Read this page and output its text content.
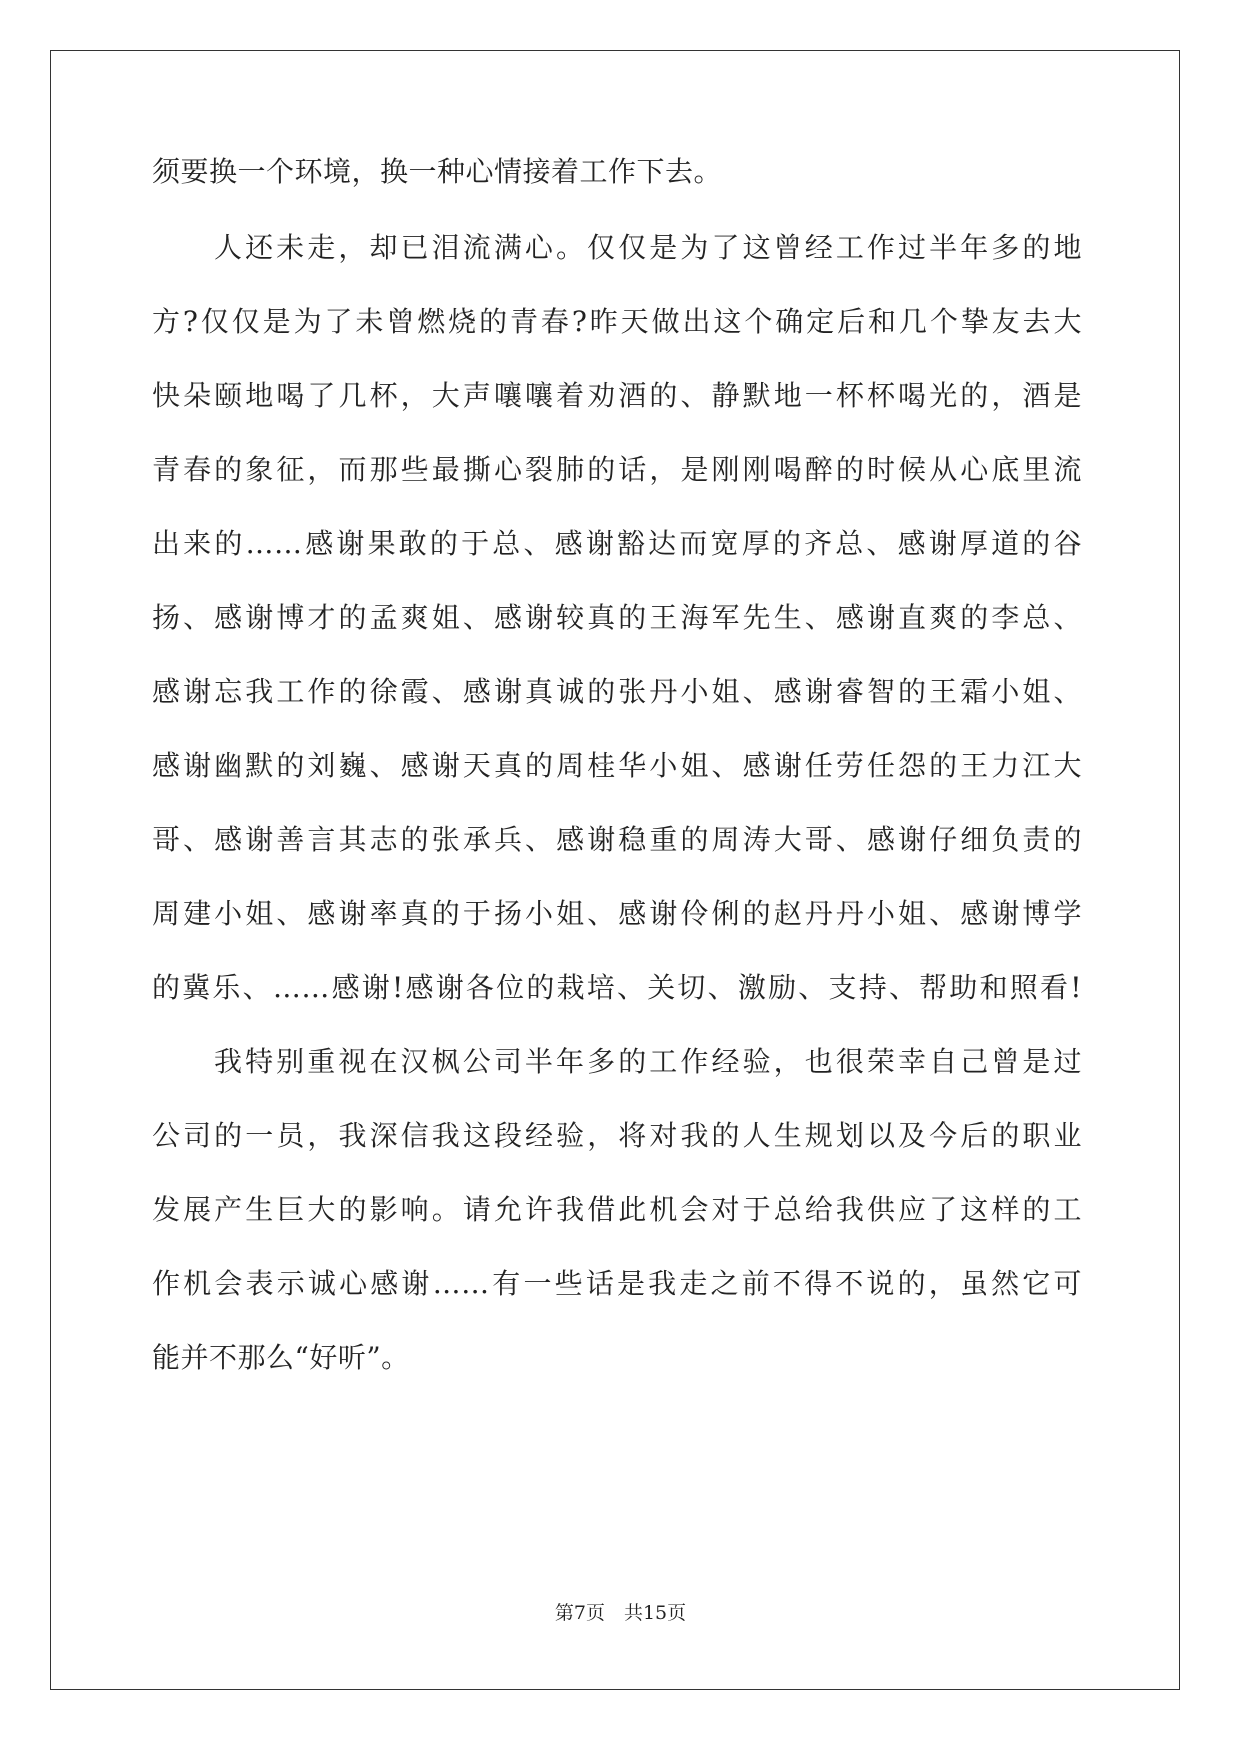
须要换一个环境，换一种心情接着工作下去。
人还未走，却已泪流满心。仅仅是为了这曾经工作过半年多的地
方?仅仅是为了未曾燃烧的青春?昨天做出这个确定后和几个挚友去大
快朵颐地喝了几杯，大声嚷嚷着劝酒的、静默地一杯杯喝光的，酒是
青春的象征，而那些最撕心裂肺的话，是刚刚喝醉的时候从心底里流
出来的……感谢果敢的于总、感谢豁达而宽厚的齐总、感谢厚道的谷
扬、感谢博才的孟爽姐、感谢较真的王海军先生、感谢直爽的李总、
感谢忘我工作的徐霞、感谢真诚的张丹小姐、感谢睿智的王霜小姐、
感谢幽默的刘巍、感谢天真的周桂华小姐、感谢任劳任怨的王力江大
哥、感谢善言其志的张承兵、感谢稳重的周涛大哥、感谢仔细负责的
周建小姐、感谢率真的于扬小姐、感谢伶俐的赵丹丹小姐、感谢博学
的冀乐、……感谢!感谢各位的栽培、关切、激励、支持、帮助和照看!
我特别重视在汉枫公司半年多的工作经验，也很荣幸自己曾是过
公司的一员，我深信我这段经验，将对我的人生规划以及今后的职业
发展产生巨大的影响。请允许我借此机会对于总给我供应了这样的工
作机会表示诚心感谢……有一些话是我走之前不得不说的，虽然它可
能并不那么“好听”。
第7页　共15页
